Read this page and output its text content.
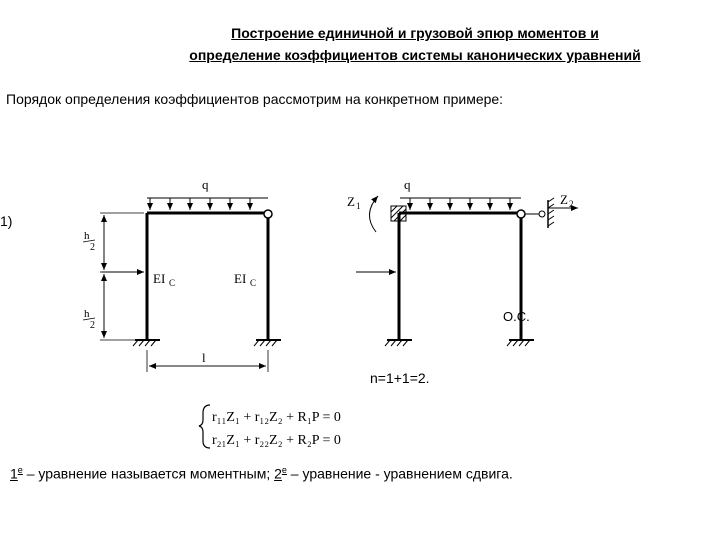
Построение единичной и грузовой эпюр моментов и
определение коэффициентов системы канонических уравнений
Порядок определения коэффициентов рассмотрим на конкретном примере:
1)
q
h
2
h
2
EI C	EI C
l
q
Z 1	Z 2
О.С.
n=1+1=2.
r₁₁Z₁ + r₁₂Z₂ + R₁P = 0
r₂₁Z₁ + r₂₂Z₂ + R₂P = 0
$1^е$ – уравнение называется моментным; $2^е$ – уравнение - уравнением сдвига.
